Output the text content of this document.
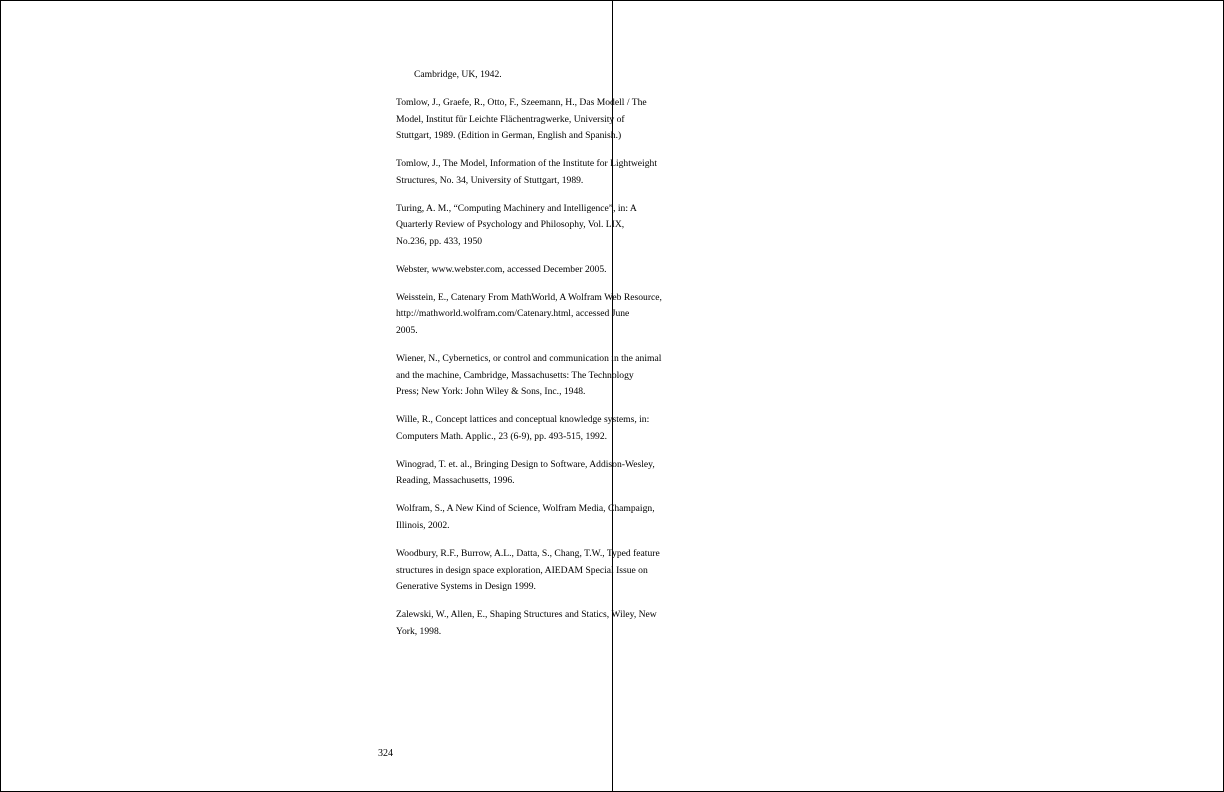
Cambridge, UK, 1942.
Tomlow, J., Graefe, R., Otto, F., Szeemann, H., Das Modell / The
Model, Institut für Leichte Flächentragwerke, University of
Stuttgart, 1989. (Edition in German, English and Spanish.)
Tomlow, J., The Model, Information of the Institute for Lightweight
Structures, No. 34, University of Stuttgart, 1989.
Turing, A. M., “Computing Machinery and Intelligence”, in: A
Quarterly Review of Psychology and Philosophy, Vol. LIX,
No.236, pp. 433, 1950
Webster, www.webster.com, accessed December 2005.
Weisstein, E., Catenary From MathWorld, A Wolfram Web Resource,
http://mathworld.wolfram.com/Catenary.html, accessed June
2005.
Wiener, N., Cybernetics, or control and communication in the animal
and the machine, Cambridge, Massachusetts: The Technology
Press; New York: John Wiley & Sons, Inc., 1948.
Wille, R., Concept lattices and conceptual knowledge systems, in:
Computers Math. Applic., 23 (6-9), pp. 493-515, 1992.
Winograd, T. et. al., Bringing Design to Software, Addison-Wesley,
Reading, Massachusetts, 1996.
Wolfram, S., A New Kind of Science, Wolfram Media, Champaign,
Illinois, 2002.
Woodbury, R.F., Burrow, A.L., Datta, S., Chang, T.W., Typed feature
structures in design space exploration, AIEDAM Special Issue on
Generative Systems in Design 1999.
Zalewski, W., Allen, E., Shaping Structures and Statics, Wiley, New
York, 1998.
324
